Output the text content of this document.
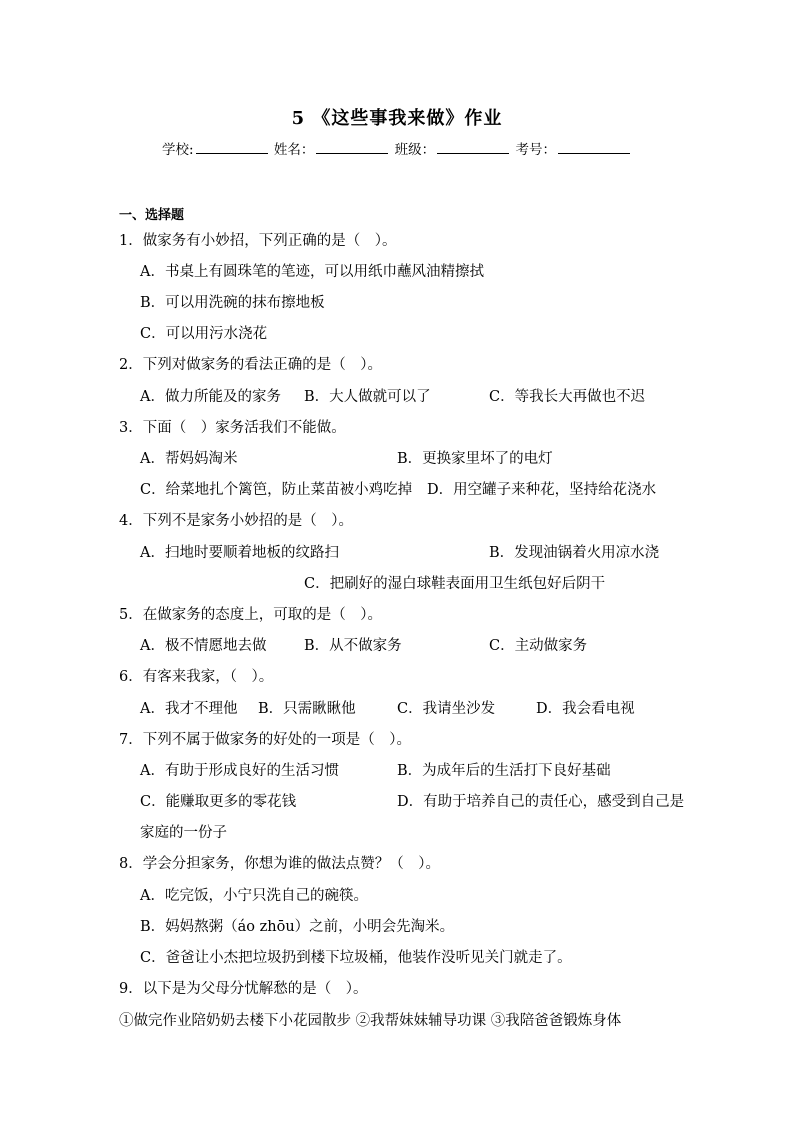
5 《这些事我来做》作业
学校:	姓名：	班级：	考号：
一、选择题
1．做家务有小妙招，下列正确的是（　）。
A．书桌上有圆珠笔的笔迹，可以用纸巾蘸风油精擦拭
B．可以用洗碗的抹布擦地板
C．可以用污水浇花
2．下列对做家务的看法正确的是（　）。
A．做力所能及的家务 B．大人做就可以了	C．等我长大再做也不迟
3．下面（　）家务活我们不能做。
A．帮妈妈淘米	B．更换家里坏了的电灯
C．给菜地扎个篱笆，防止菜苗被小鸡吃掉 D．用空罐子来种花，坚持给花浇水
4．下列不是家务小妙招的是（　）。
A．扫地时要顺着地板的纹路扫	B．发现油锅着火用凉水浇
C．把刷好的湿白球鞋表面用卫生纸包好后阴干
5．在做家务的态度上，可取的是（　）。
A．极不情愿地去做	B．从不做家务	C．主动做家务
6．有客来我家，（　）。
A．我才不理他 B．只需瞅瞅他	C．我请坐沙发	D．我会看电视
7．下列不属于做家务的好处的一项是（　）。
A．有助于形成良好的生活习惯	B．为成年后的生活打下良好基础
C．能赚取更多的零花钱	D．有助于培养自己的责任心，感受到自己是
家庭的一份子
8．学会分担家务，你想为谁的做法点赞？（　）。
A．吃完饭，小宁只洗自己的碗筷。
B．妈妈熬粥（áo zhōu）之前，小明会先淘米。
C．爸爸让小杰把垃圾扔到楼下垃圾桶，他装作没听见关门就走了。
9．以下是为父母分忧解愁的是（　）。
①做完作业陪奶奶去楼下小花园散步 ②我帮妹妹辅导功课 ③我陪爸爸锻炼身体
